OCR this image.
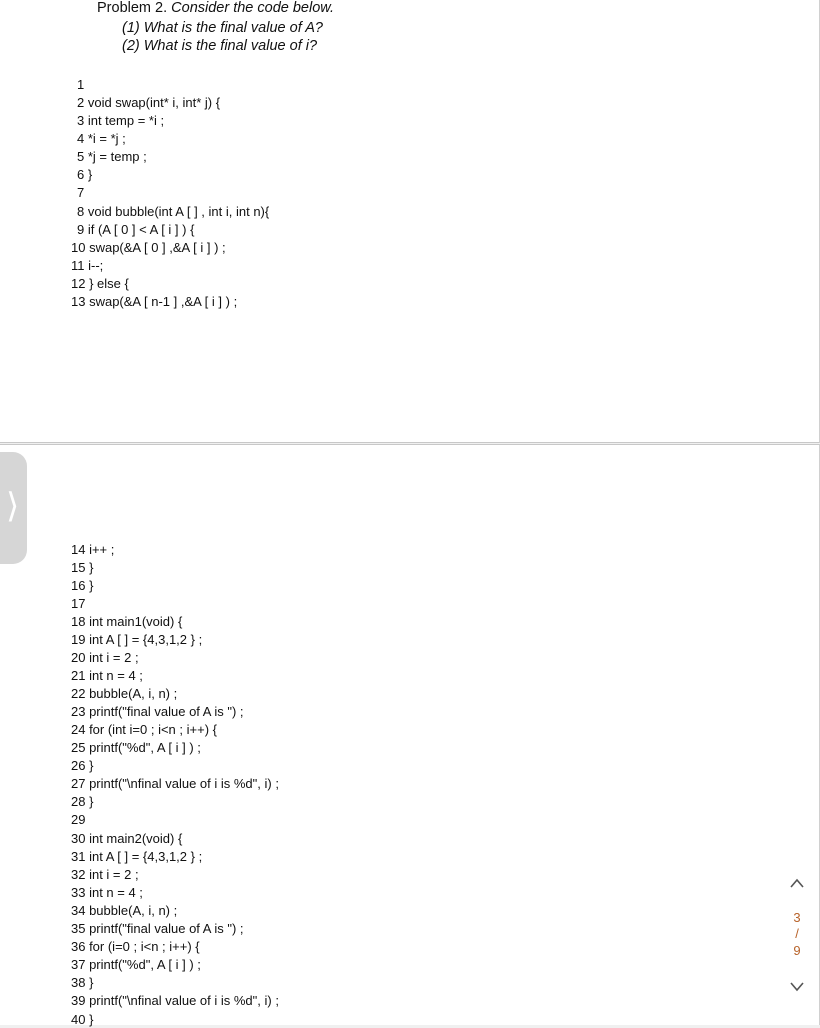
Problem 2. Consider the code below.
(1) What is the final value of A?
(2) What is the final value of i?
1
2 void swap(int* i, int* j) {
3 int temp = *i ;
4 *i = *j ;
5 *j = temp ;
6 }
7
8 void bubble(int A [ ] , int i, int n){
9 if (A [ 0 ] < A [ i ] ) {
10 swap(&A [ 0 ] ,&A [ i ] ) ;
11 i--;
12 } else {
13 swap(&A [ n-1 ] ,&A [ i ] ) ;
14 i++ ;
15 }
16 }
17
18 int main1(void) {
19 int A [ ] = {4,3,1,2 } ;
20 int i = 2 ;
21 int n = 4 ;
22 bubble(A, i, n) ;
23 printf("final value of A is ") ;
24 for (int i=0 ; i<n ; i++) {
25 printf("%d", A [ i ] ) ;
26 }
27 printf("\nfinal value of i is %d", i) ;
28 }
29
30 int main2(void) {
31 int A [ ] = {4,3,1,2 } ;
32 int i = 2 ;
33 int n = 4 ;
34 bubble(A, i, n) ;
35 printf("final value of A is ") ;
36 for (i=0 ; i<n ; i++) {
37 printf("%d", A [ i ] ) ;
38 }
39 printf("\nfinal value of i is %d", i) ;
40 }
⟩
3
/
9
